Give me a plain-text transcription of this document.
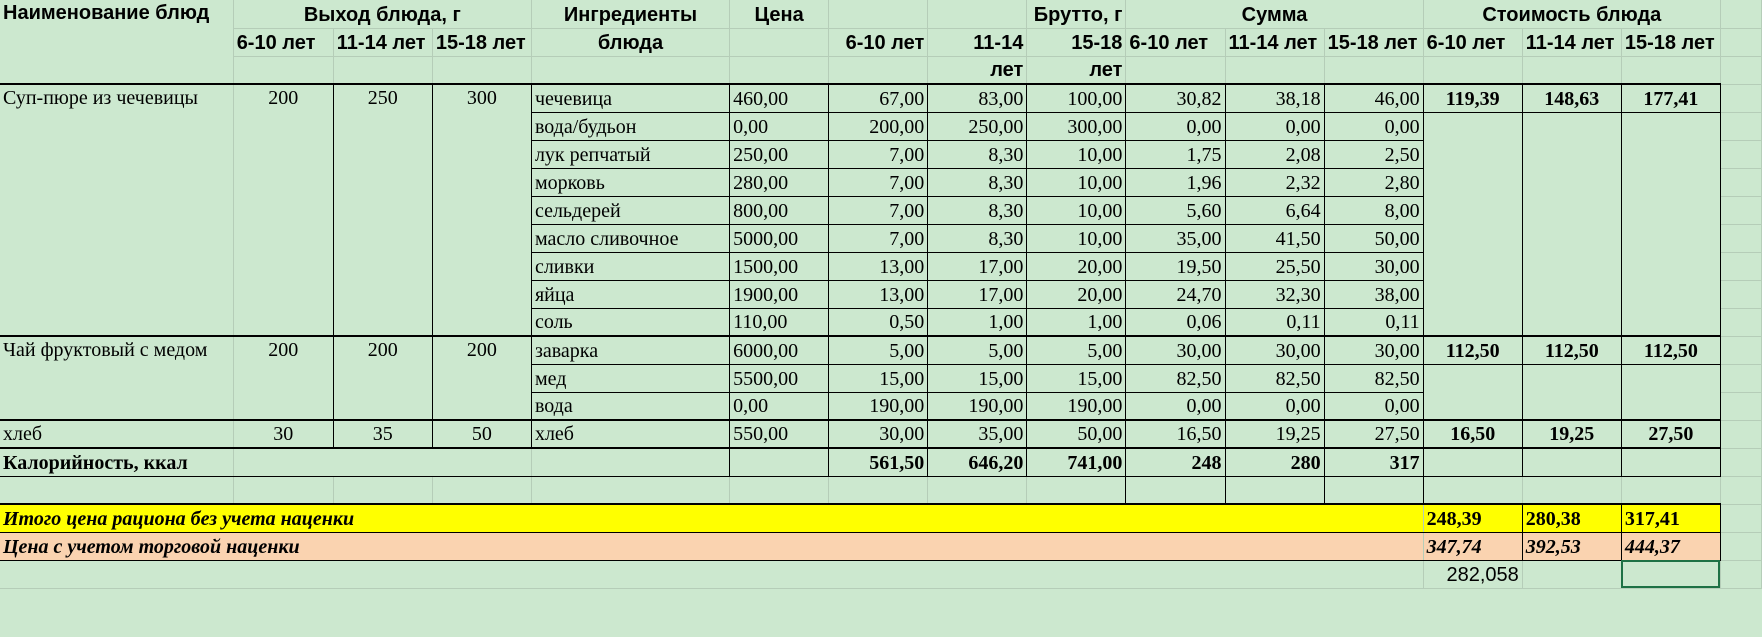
Наименование блюд	Выход блюда, г			Ингредиенты	Цена			Брутто, г	Сумма			Стоимость блюда			
	6-10 лет	11-14 лет	15-18 лет	блюда		6-10 лет	11-14	15-18	6-10 лет	11-14 лет	15-18 лет	6-10 лет	11-14 лет	15-18 лет	
							лет	лет							
Суп-пюре из чечевицы	200	250	300	чечевица	460,00	67,00	83,00	100,00	30,82	38,18	46,00	119,39	148,63	177,41	
				вода/будьон	0,00	200,00	250,00	300,00	0,00	0,00	0,00				
				лук репчатый	250,00	7,00	8,30	10,00	1,75	2,08	2,50				
				морковь	280,00	7,00	8,30	10,00	1,96	2,32	2,80				
				сельдерей	800,00	7,00	8,30	10,00	5,60	6,64	8,00				
				масло сливочное	5000,00	7,00	8,30	10,00	35,00	41,50	50,00				
				сливки	1500,00	13,00	17,00	20,00	19,50	25,50	30,00				
				яйца	1900,00	13,00	17,00	20,00	24,70	32,30	38,00				
				соль	110,00	0,50	1,00	1,00	0,06	0,11	0,11				
Чай фруктовый с медом	200	200	200	заварка	6000,00	5,00	5,00	5,00	30,00	30,00	30,00	112,50	112,50	112,50	
				мед	5500,00	15,00	15,00	15,00	82,50	82,50	82,50				
				вода	0,00	190,00	190,00	190,00	0,00	0,00	0,00				
хлеб	30	35	50	хлеб	550,00	30,00	35,00	50,00	16,50	19,25	27,50	16,50	19,25	27,50	
Калорийность, ккал						561,50	646,20	741,00	248	280	317				

Итого цена рациона без учета наценки												248,39	280,38	317,41	
Цена с учетом торговой наценки												347,74	392,53	444,37	
												282,058			
